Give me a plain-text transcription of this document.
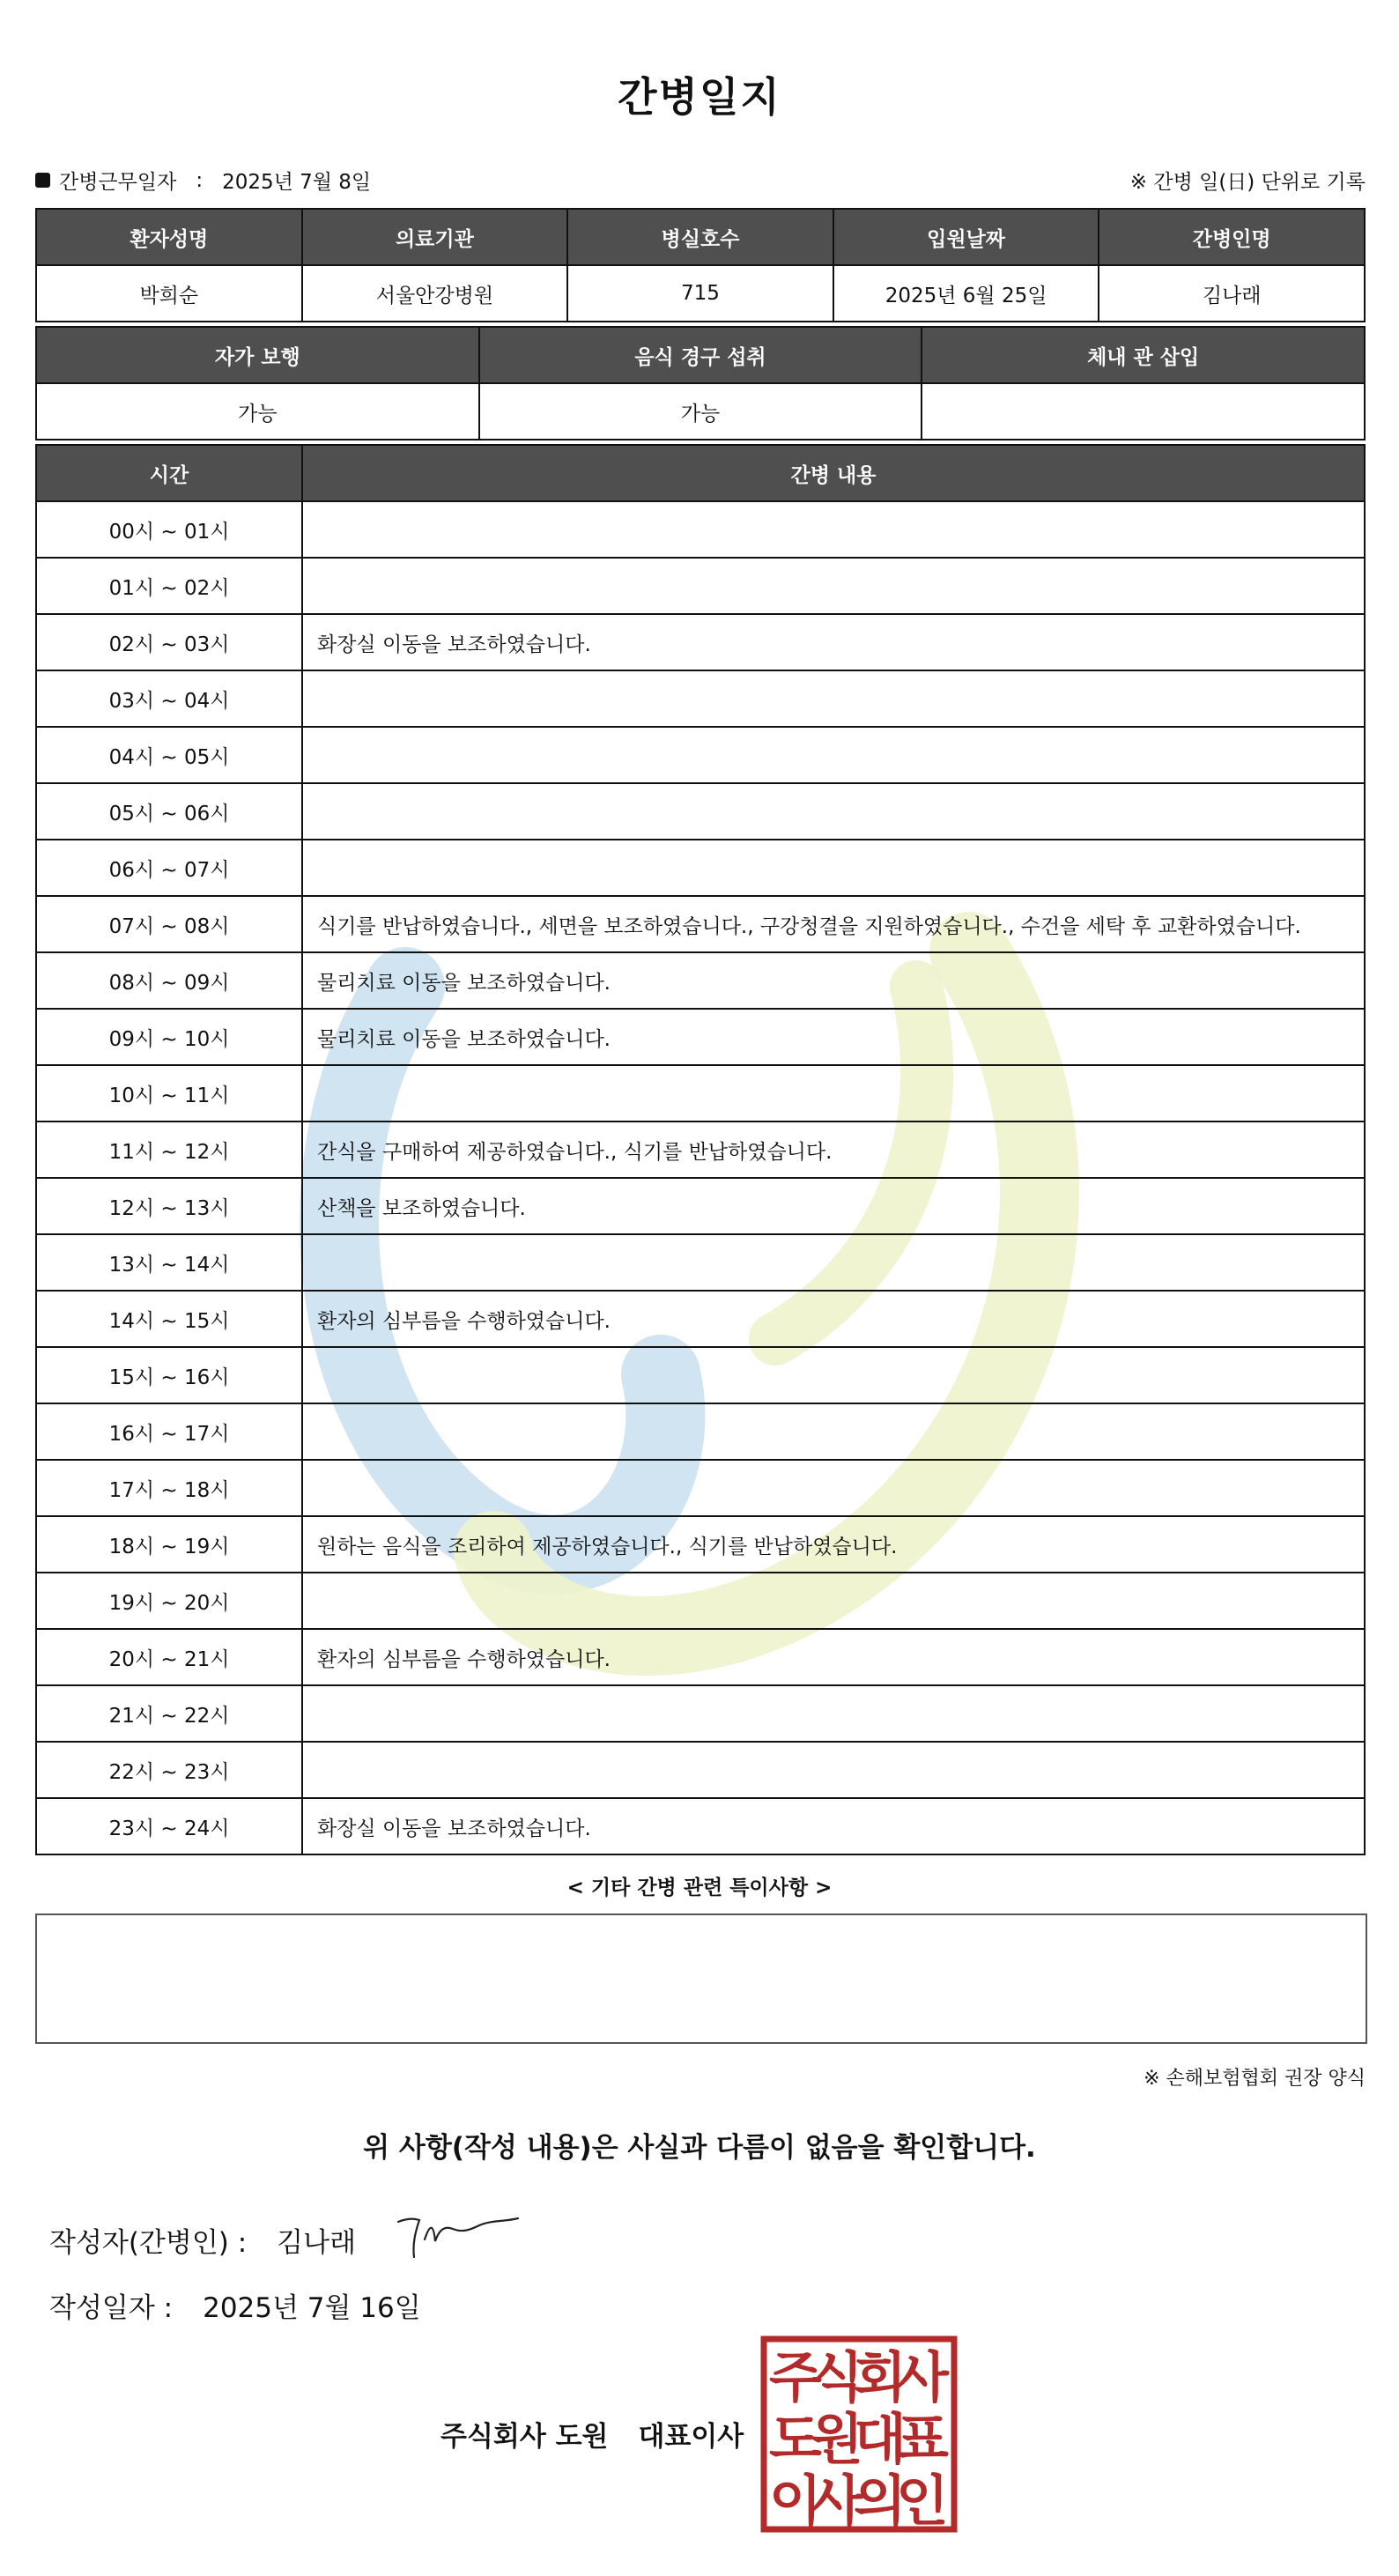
간병일지
간병근무일자 : 2025년 7월 8일	※ 간병 일(日) 단위로 기록
환자성명	의료기관	병실호수	입원날짜	간병인명
박희순	서울안강병원	715	2025년 6월 25일	김나래
자가 보행	음식 경구 섭취	체내 관 삽입
가능	가능	
시간	간병 내용
00시 ~ 01시	
01시 ~ 02시	
02시 ~ 03시	화장실 이동을 보조하였습니다.
03시 ~ 04시	
04시 ~ 05시	
05시 ~ 06시	
06시 ~ 07시	
07시 ~ 08시	식기를 반납하였습니다., 세면을 보조하였습니다., 구강청결을 지원하였습니다., 수건을 세탁 후 교환하였습니다.
08시 ~ 09시	물리치료 이동을 보조하였습니다.
09시 ~ 10시	물리치료 이동을 보조하였습니다.
10시 ~ 11시	
11시 ~ 12시	간식을 구매하여 제공하였습니다., 식기를 반납하였습니다.
12시 ~ 13시	산책을 보조하였습니다.
13시 ~ 14시	
14시 ~ 15시	환자의 심부름을 수행하였습니다.
15시 ~ 16시	
16시 ~ 17시	
17시 ~ 18시	
18시 ~ 19시	원하는 음식을 조리하여 제공하였습니다., 식기를 반납하였습니다.
19시 ~ 20시	
20시 ~ 21시	환자의 심부름을 수행하였습니다.
21시 ~ 22시	
22시 ~ 23시	
23시 ~ 24시	화장실 이동을 보조하였습니다.
< 기타 간병 관련 특이사항 >
※ 손해보험협회 권장 양식
위 사항(작성 내용)은 사실과 다름이 없음을 확인합니다.
작성자(간병인) : 김나래
작성일자 : 2025년 7월 16일
주식회사 도원 대표이사
주
식
회
사
도
원
대
표
이
사
의
인
